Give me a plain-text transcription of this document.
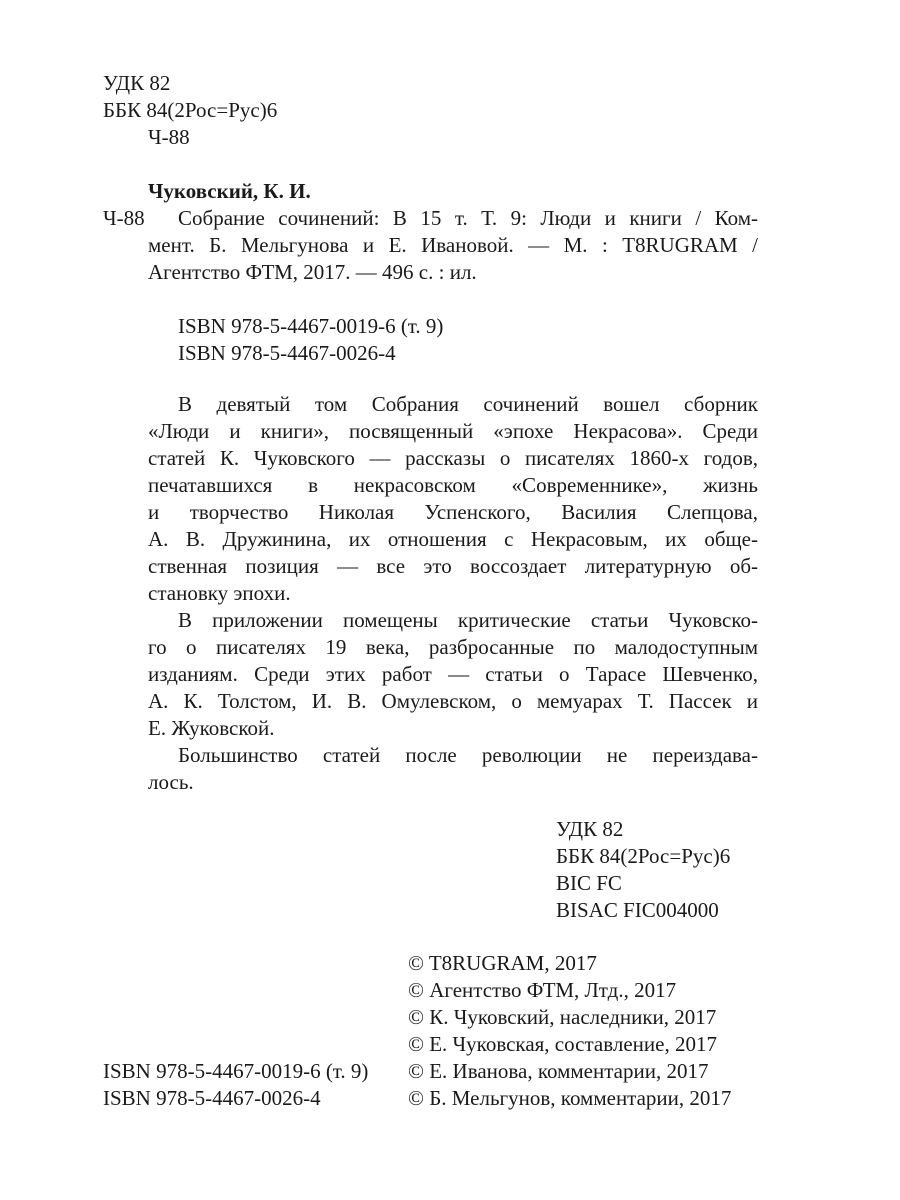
УДК 82
ББК 84(2Рос=Рус)6
Ч-88
Чуковский, К. И.
Ч-88 Собрание сочинений: В 15 т. Т. 9: Люди и книги / Ком-
мент. Б. Мельгунова и Е. Ивановой. — М. : T8RUGRAM /
Агентство ФТМ, 2017. — 496 с. : ил.
ISBN 978-5-4467-0019-6 (т. 9)
ISBN 978-5-4467-0026-4
В девятый том Собрания сочинений вошел сборник
«Люди и книги», посвященный «эпохе Некрасова». Среди
статей К. Чуковского — рассказы о писателях 1860-х годов,
печатавшихся в некрасовском «Современнике», жизнь
и творчество Николая Успенского, Василия Слепцова,
А. В. Дружинина, их отношения с Некрасовым, их обще-
ственная позиция — все это воссоздает литературную об-
становку эпохи.
В приложении помещены критические статьи Чуковско-
го о писателях 19 века, разбросанные по малодоступным
изданиям. Среди этих работ — статьи о Тарасе Шевченко,
А. К. Толстом, И. В. Омулевском, о мемуарах Т. Пассек и
Е. Жуковской.
Большинство статей после революции не переиздава-
лось.
УДК 82
ББК 84(2Рос=Рус)6
BIC FC
BISAC FIC004000
© T8RUGRAM, 2017
© Агентство ФТМ, Лтд., 2017
© К. Чуковский, наследники, 2017
© Е. Чуковская, составление, 2017
© Е. Иванова, комментарии, 2017
© Б. Мельгунов, комментарии, 2017
ISBN 978-5-4467-0019-6 (т. 9)
ISBN 978-5-4467-0026-4
